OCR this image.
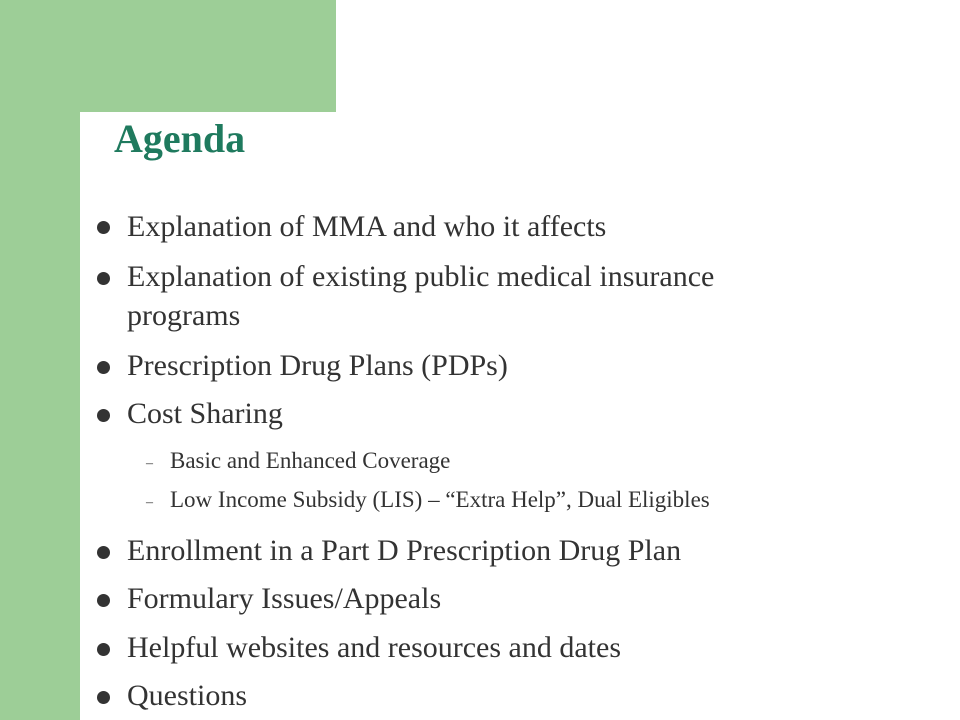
Agenda
Explanation of MMA and who it affects
Explanation of existing public medical insurance
programs
Prescription Drug Plans (PDPs)
Cost Sharing
– Basic and Enhanced Coverage
– Low Income Subsidy (LIS) – “Extra Help”, Dual Eligibles
Enrollment in a Part D Prescription Drug Plan
Formulary Issues/Appeals
Helpful websites and resources and dates
Questions
